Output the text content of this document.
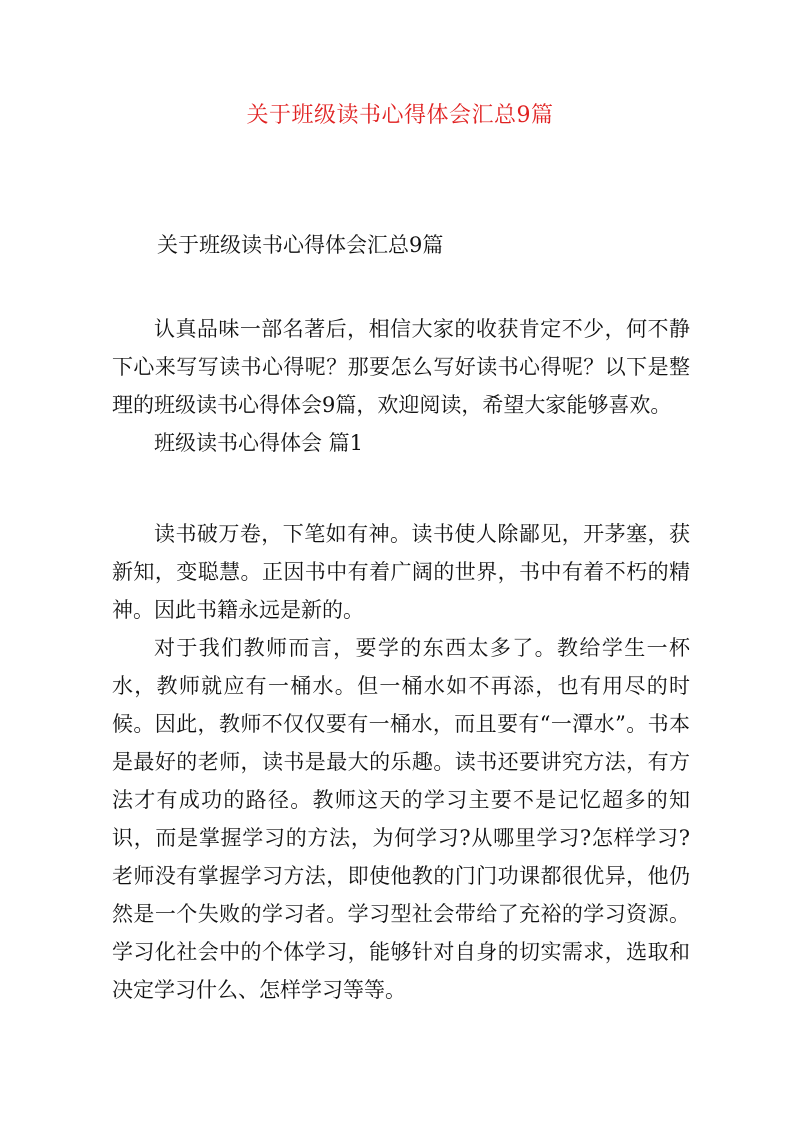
关于班级读书心得体会汇总9篇
关于班级读书心得体会汇总9篇

认真品味一部名著后，相信大家的收获肯定不少，何不静下心来写写读书心得呢？那要怎么写好读书心得呢？以下是整理的班级读书心得体会9篇，欢迎阅读，希望大家能够喜欢。

班级读书心得体会 篇1

读书破万卷，下笔如有神。读书使人除鄙见，开茅塞，获新知，变聪慧。正因书中有着广阔的世界，书中有着不朽的精神。因此书籍永远是新的。

对于我们教师而言，要学的东西太多了。教给学生一杯水，教师就应有一桶水。但一桶水如不再添，也有用尽的时候。因此，教师不仅仅要有一桶水，而且要有“一潭水”。书本是最好的老师，读书是最大的乐趣。读书还要讲究方法，有方法才有成功的路径。教师这天的学习主要不是记忆超多的知识，而是掌握学习的方法，为何学习?从哪里学习?怎样学习?老师没有掌握学习方法，即使他教的门门功课都很优异，他仍然是一个失败的学习者。学习型社会带给了充裕的学习资源。学习化社会中的个体学习，能够针对自身的切实需求，选取和决定学习什么、怎样学习等等。
